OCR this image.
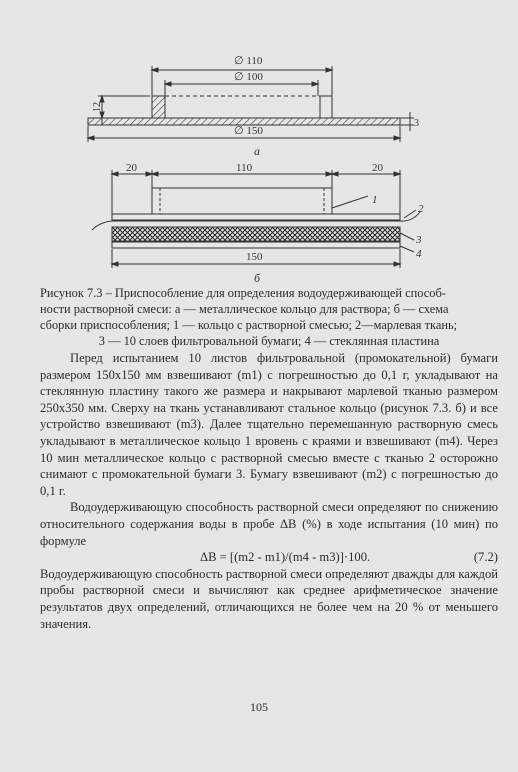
∅ 110
∅ 100
∅ 150
12
3
а
20	110	20
1
2
3
4
150
б
Рисунок 7.3 – Приспособление для определения водоудерживающей способ-
ности растворной смеси: а — металлическое кольцо для раствора; б — схема
сборки приспособления; 1 — кольцо с растворной смесью; 2—марлевая ткань;
3 — 10 слоев фильтровальной бумаги; 4 — стеклянная пластина

Перед испытанием 10 листов фильтровальной (промокательной) бумаги размером 150х150 мм взвешивают (m1) с погрешностью до 0,1 г, укладывают на стеклянную пластину такого же размера и накрывают марлевой тканью размером 250х350 мм. Сверху на ткань устанавливают стальное кольцо (рисунок 7.3. б) и все устройство взвешивают (m3). Далее тщательно перемешанную растворную смесь укладывают в металлическое кольцо 1 вровень с краями и взвешивают (m4). Через 10 мин металлическое кольцо с растворной смесью вместе с тканью 2 осторожно снимают с промокательной бумаги 3. Бумагу взвешивают (m2) с погрешностью до 0,1 г.

Водоудерживающую способность растворной смеси определяют по снижению относительного содержания воды в пробе ΔВ (%) в ходе испытания (10 мин) по формуле

ΔВ = [(m2 - m1)/(m4 - m3)]·100.	(7.2)

Водоудерживающую способность растворной смеси определяют дважды для каждой пробы растворной смеси и вычисляют как среднее арифметическое значение результатов двух определений, отличающихся не более чем на 20 % от меньшего значения.

105
